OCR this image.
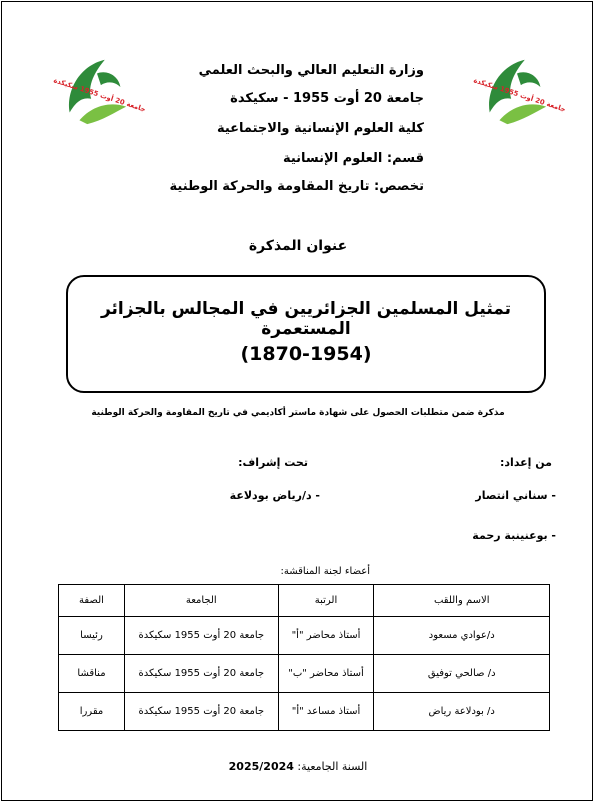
جامعة 20 أوت 1955 سكيكدة
جامعة 20 أوت 1955 سكيكدة
وزارة التعليم العالي والبحث العلمي
جامعة 20 أوت 1955 - سكيكدة
كلية العلوم الإنسانية والاجتماعية
قسم: العلوم الإنسانية
تخصص: تاريخ المقاومة والحركة الوطنية
عنوان المذكرة
تمثيل المسلمين الجزائريين في المجالس بالجزائر المستعمرة
(1870-1954)
مذكرة ضمن متطلبات الحصول على شهادة ماستر أكاديمي في تاريخ المقاومة والحركة الوطنية
من إعداد:
تحت إشراف:
- سناني انتصار
- د/رياض بودلاعة
- بوعنينبة رحمة
أعضاء لجنة المناقشة:
الاسم واللقب	الرتبة	الجامعة	الصفة
د/عوادي مسعود	أستاذ محاضر "أ"	جامعة 20 أوت 1955 سكيكدة	رئيسا
د/ صالحي توفيق	أستاذ محاضر "ب"	جامعة 20 أوت 1955 سكيكدة	مناقشا
د/ بودلاعة رياض	أستاذ مساعد "أ"	جامعة 20 أوت 1955 سكيكدة	مقررا
السنة الجامعية: 2025/2024
